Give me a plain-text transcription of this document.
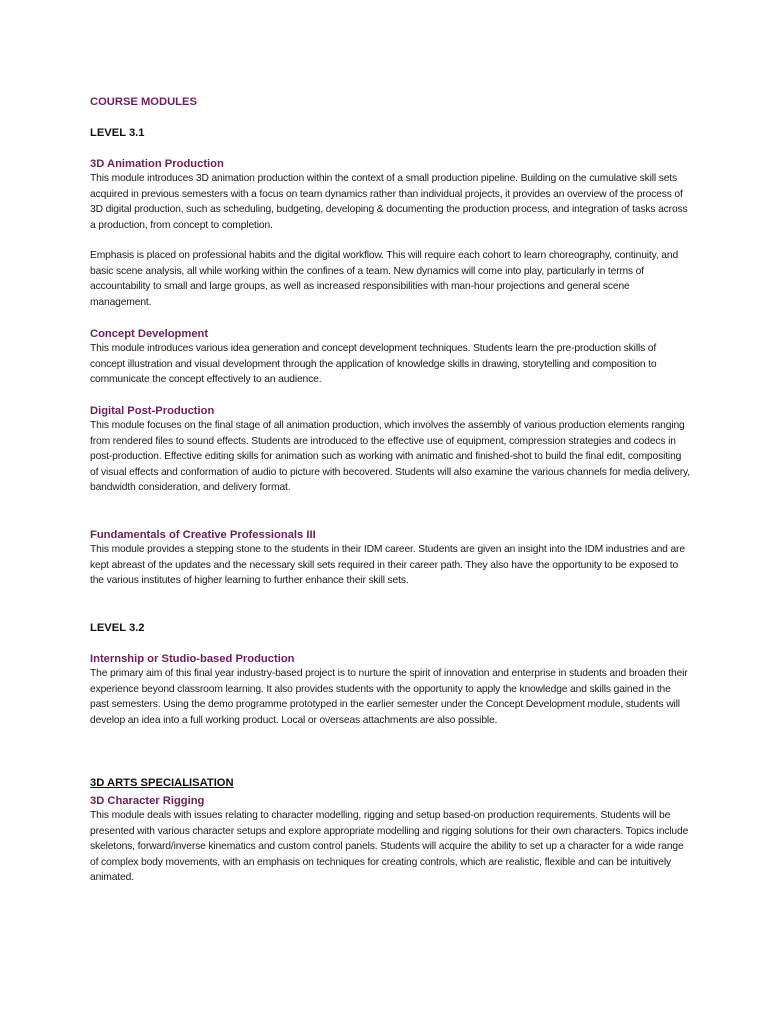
COURSE MODULES
LEVEL 3.1
3D Animation Production

This module introduces 3D animation production within the context of a small production pipeline. Building on the cumulative skill sets acquired in previous semesters with a focus on team dynamics rather than individual projects, it provides an overview of the process of 3D digital production, such as scheduling, budgeting, developing & documenting the production process, and integration of tasks across a production, from concept to completion.

Emphasis is placed on professional habits and the digital workflow. This will require each cohort to learn choreography, continuity, and basic scene analysis, all while working within the confines of a team. New dynamics will come into play, particularly in terms of accountability to small and large groups, as well as increased responsibilities with man-hour projections and general scene management.

Concept Development

This module introduces various idea generation and concept development techniques. Students learn the pre-production skills of concept illustration and visual development through the application of knowledge skills in drawing, storytelling and composition to communicate the concept effectively to an audience.

Digital Post-Production

This module focuses on the final stage of all animation production, which involves the assembly of various production elements ranging from rendered files to sound effects. Students are introduced to the effective use of equipment, compression strategies and codecs in post-production. Effective editing skills for animation such as working with animatic and finished-shot to build the final edit, compositing of visual effects and conformation of audio to picture with becovered. Students will also examine the various channels for media delivery, bandwidth consideration, and delivery format.

Fundamentals of Creative Professionals III

This module provides a stepping stone to the students in their IDM career. Students are given an insight into the IDM industries and are kept abreast of the updates and the necessary skill sets required in their career path. They also have the opportunity to be exposed to the various institutes of higher learning to further enhance their skill sets.

LEVEL 3.2
Internship or Studio-based Production

The primary aim of this final year industry-based project is to nurture the spirit of innovation and enterprise in students and broaden their experience beyond classroom learning. It also provides students with the opportunity to apply the knowledge and skills gained in the past semesters. Using the demo programme prototyped in the earlier semester under the Concept Development module, students will develop an idea into a full working product. Local or overseas attachments are also possible.

3D ARTS SPECIALISATION
3D Character Rigging

This module deals with issues relating to character modelling, rigging and setup based-on production requirements. Students will be presented with various character setups and explore appropriate modelling and rigging solutions for their own characters. Topics include skeletons, forward/inverse kinematics and custom control panels. Students will acquire the ability to set up a character for a wide range of complex body movements, with an emphasis on techniques for creating controls, which are realistic, flexible and can be intuitively animated.
